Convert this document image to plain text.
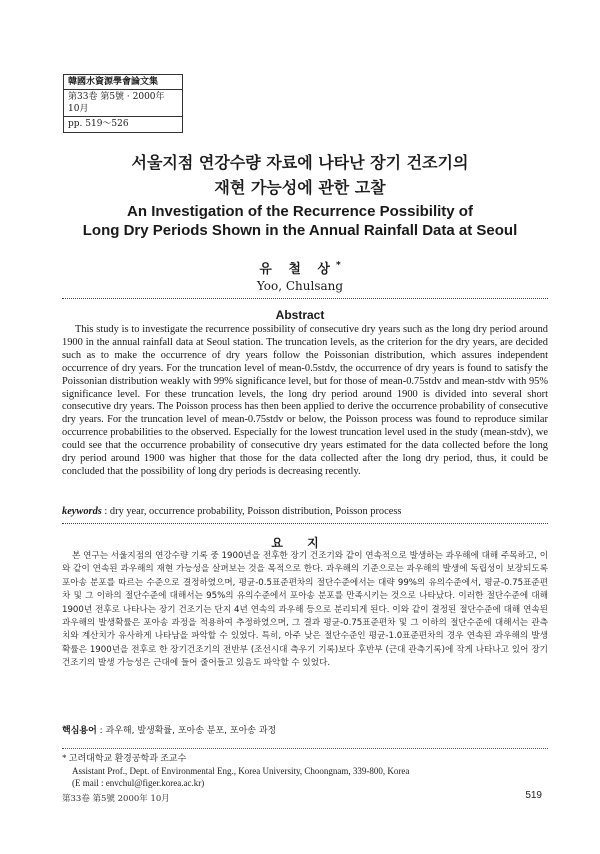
韓國水資源學會論文集
第33卷 第5號 · 2000年 10月
pp. 519～526
서울지점 연강수량 자료에 나타난 장기 건조기의
재현 가능성에 관한 고찰
An Investigation of the Recurrence Possibility of
Long Dry Periods Shown in the Annual Rainfall Data at Seoul
유 철 상*
Yoo, Chulsang
Abstract

This study is to investigate the recurrence possibility of consecutive dry years such as the long dry period around 1900 in the annual rainfall data at Seoul station. The truncation levels, as the criterion for the dry years, are decided such as to make the occurrence of dry years follow the Poissonian distribution, which assures independent occurrence of dry years. For the truncation level of mean-0.5stdv, the occurrence of dry years is found to satisfy the Poissonian distribution weakly with 99% significance level, but for those of mean-0.75stdv and mean-stdv with 95% significance level. For these truncation levels, the long dry period around 1900 is divided into several short consecutive dry years. The Poisson process has then been applied to derive the occurrence probability of consecutive dry years. For the truncation level of mean-0.75stdv or below, the Poisson process was found to reproduce similar occurrence probabilities to the observed. Especially for the lowest truncation level used in the study (mean-stdv), we could see that the occurrence probability of consecutive dry years estimated for the data collected before the long dry period around 1900 was higher that those for the data collected after the long dry period, thus, it could be concluded that the possibility of long dry periods is decreasing recently.

keywords : dry year, occurrence probability, Poisson distribution, Poisson process
요 지

본 연구는 서울지점의 연강수량 기록 중 1900년을 전후한 장기 건조기와 같이 연속적으로 발생하는 과우해에 대해 주목하고, 이와 같이 연속된 과우해의 재현 가능성을 살펴보는 것을 목적으로 한다. 과우해의 기준으로는 과우해의 발생에 독립성이 보장되도록 포아송 분포를 따르는 수준으로 결정하였으며, 평균-0.5표준편차의 절단수준에서는 대략 99%의 유의수준에서, 평균-0.75표준편차 및 그 이하의 절단수준에 대해서는 95%의 유의수준에서 포아송 분포를 만족시키는 것으로 나타났다. 이러한 절단수준에 대해 1900년 전후로 나타나는 장기 건조기는 단지 4년 연속의 과우해 등으로 분리되게 된다. 이와 같이 결정된 절단수준에 대해 연속된 과우해의 발생확률은 포아송 과정을 적용하여 추정하였으며, 그 결과 평균-0.75표준편차 및 그 이하의 절단수준에 대해서는 관측치와 계산치가 유사하게 나타남을 파악할 수 있었다. 특히, 아주 낮은 절단수준인 평균-1.0표준편차의 경우 연속된 과우해의 발생확률은 1900년을 전후로 한 장기건조기의 전반부 (조선시대 측우기 기록)보다 후반부 (근대 관측기록)에 작게 나타나고 있어 장기 건조기의 발생 가능성은 근대에 들어 줄어들고 있음도 파악할 수 있었다.

핵심용어 : 과우해, 발생확률, 포아송 분포, 포아송 과정
* 고려대학교 환경공학과 조교수
Assistant Prof., Dept. of Environmental Eng., Korea University, Choongnam, 339-800, Korea
(E mail : envchul@figer.korea.ac.kr)
第33卷 第5號 2000年 10月	519
